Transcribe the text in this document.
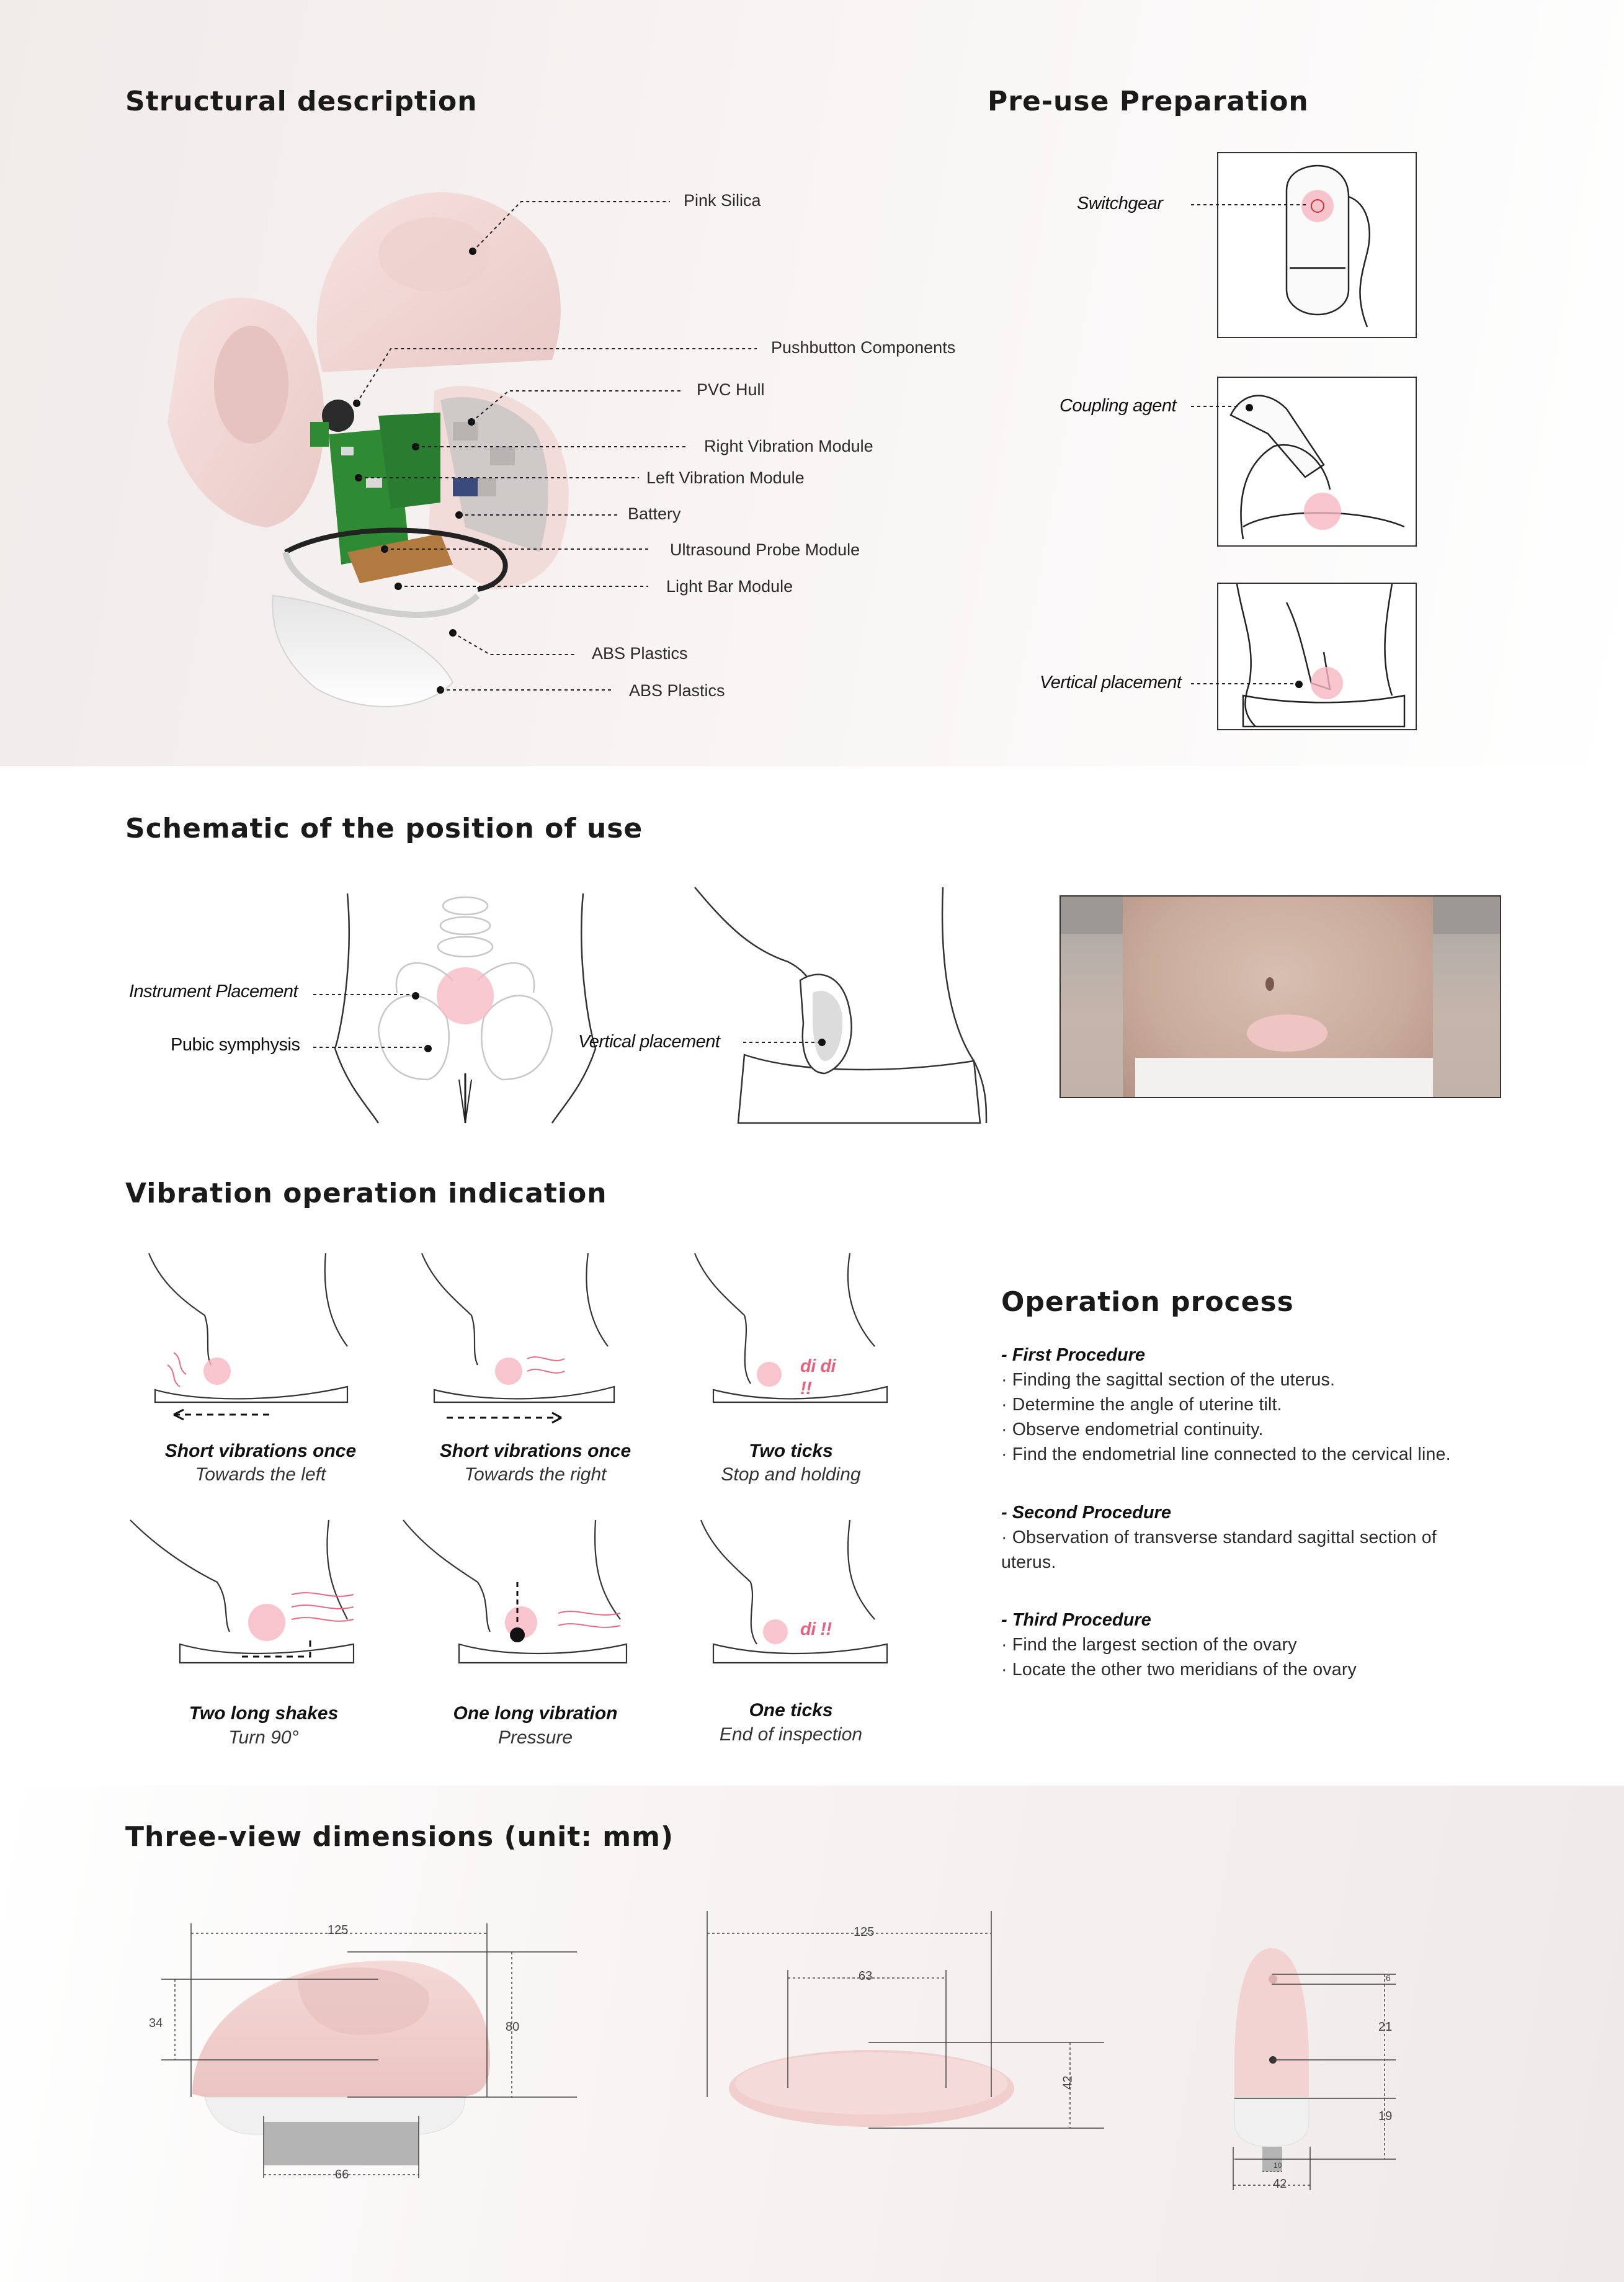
Structural description	Pre-use Preparation
Schematic of the position of use
Vibration operation indication
Operation process
Three-view dimensions (unit: mm)
Pink Silica
Pushbutton Components
PVC Hull
Right Vibration Module
Left Vibration Module
Battery
Ultrasound Probe Module
Light Bar Module
ABS Plastics
ABS Plastics
Switchgear
Coupling agent
Vertical placement
Instrument Placement
Pubic symphysis	Vertical placement
di di
!!
di !!
Short vibrations once
Towards the left
Short vibrations once
Towards the right
Two ticks
Stop and holding
Two long shakes
Turn 90°
One long vibration
Pressure
One ticks
End of inspection
- First Procedure
· Finding the sagittal section of the uterus.
· Determine the angle of uterine tilt.
· Observe endometrial continuity.
· Find the endometrial line connected to the cervical line.
- Second Procedure
· Observation of transverse standard sagittal section of
uterus.
- Third Procedure
· Find the largest section of the ovary
· Locate the other two meridians of the ovary
125
80
34
66
125
63
42
6
21
19
10
42
